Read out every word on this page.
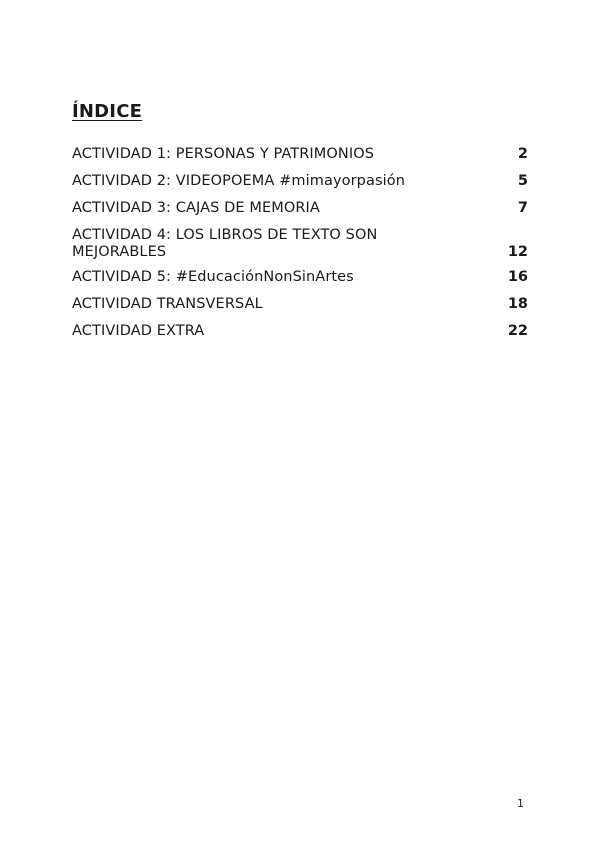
ÍNDICE
ACTIVIDAD 1: PERSONAS Y PATRIMONIOS	2
ACTIVIDAD 2: VIDEOPOEMA #mimayorpasión	5
ACTIVIDAD 3: CAJAS DE MEMORIA	7
ACTIVIDAD 4: LOS LIBROS DE TEXTO SON MEJORABLES	12
ACTIVIDAD 5: #EducaciónNonSinArtes	16
ACTIVIDAD TRANSVERSAL	18
ACTIVIDAD EXTRA	22
1
